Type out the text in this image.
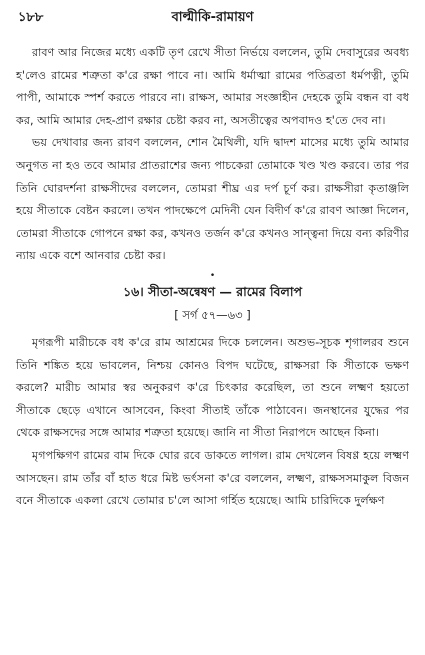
১৮৮	বাল্মীকি-রামায়ণ

রাবণ আর নিজের মধ্যে একটি তৃণ রেখে সীতা নির্ভয়ে বললেন, তুমি দেবাসুরের অবধ্য হ'লেও রামের শত্রুতা ক'রে রক্ষা পাবে না। আমি ধর্মাত্মা রামের পতিব্রতা ধর্মপত্নী, তুমি পাপী, আমাকে স্পর্শ করতে পারবে না। রাক্ষস, আমার সংজ্ঞাহীন দেহকে তুমি বন্ধন বা বধ কর, আমি আমার দেহ-প্রাণ রক্ষার চেষ্টা করব না, অসতীত্বের অপবাদও হ'তে দেব না।

ভয় দেখাবার জন্য রাবণ বললেন, শোন মৈথিলী, যদি দ্বাদশ মাসের মধ্যে তুমি আমার অনুগত না হও তবে আমার প্রাতরাশের জন্য পাচকেরা তোমাকে খণ্ড খণ্ড করবে। তার পর তিনি ঘোরদর্শনা রাক্ষসীদের বললেন, তোমরা শীঘ্র এর দর্প চূর্ণ কর। রাক্ষসীরা কৃতাঞ্জলি হয়ে সীতাকে বেষ্টন করলে। তখন পাদক্ষেপে মেদিনী যেন বিদীর্ণ ক'রে রাবণ আজ্ঞা দিলেন, তোমরা সীতাকে গোপনে রক্ষা কর, কখনও তর্জন ক'রে কখনও সান্ত্বনা দিয়ে বন্য করিণীর ন্যায় একে বশে আনবার চেষ্টা কর।

•
১৬। সীতা-অন্বেষণ — রামের বিলাপ
[ সর্গ ৫৭—৬৩ ]

মৃগরূপী মারীচকে বধ ক'রে রাম আশ্রমের দিকে চললেন। অশুভ-সূচক শৃগালরব শুনে তিনি শঙ্কিত হয়ে ভাবলেন, নিশ্চয় কোনও বিপদ ঘটেছে, রাক্ষসরা কি সীতাকে ভক্ষণ করলে? মারীচ আমার স্বর অনুকরণ ক'রে চিৎকার করেছিল, তা শুনে লক্ষ্মণ হয়তো সীতাকে ছেড়ে এখানে আসবেন, কিংবা সীতাই তাঁকে পাঠাবেন। জনস্থানের যুদ্ধের পর থেকে রাক্ষসদের সঙ্গে আমার শত্রুতা হয়েছে। জানি না সীতা নিরাপদে আছেন কিনা।

মৃগপক্ষিগণ রামের বাম দিকে ঘোর রবে ডাকতে লাগল। রাম দেখলেন বিষণ্ণ হয়ে লক্ষ্মণ আসছেন। রাম তাঁর বাঁ হাত ধরে মিষ্ট ভর্ৎসনা ক'রে বললেন, লক্ষ্মণ, রাক্ষসসমাকুল বিজন বনে সীতাকে একলা রেখে তোমার চ'লে আসা গর্হিত হয়েছে। আমি চারিদিকে দুর্লক্ষণ
